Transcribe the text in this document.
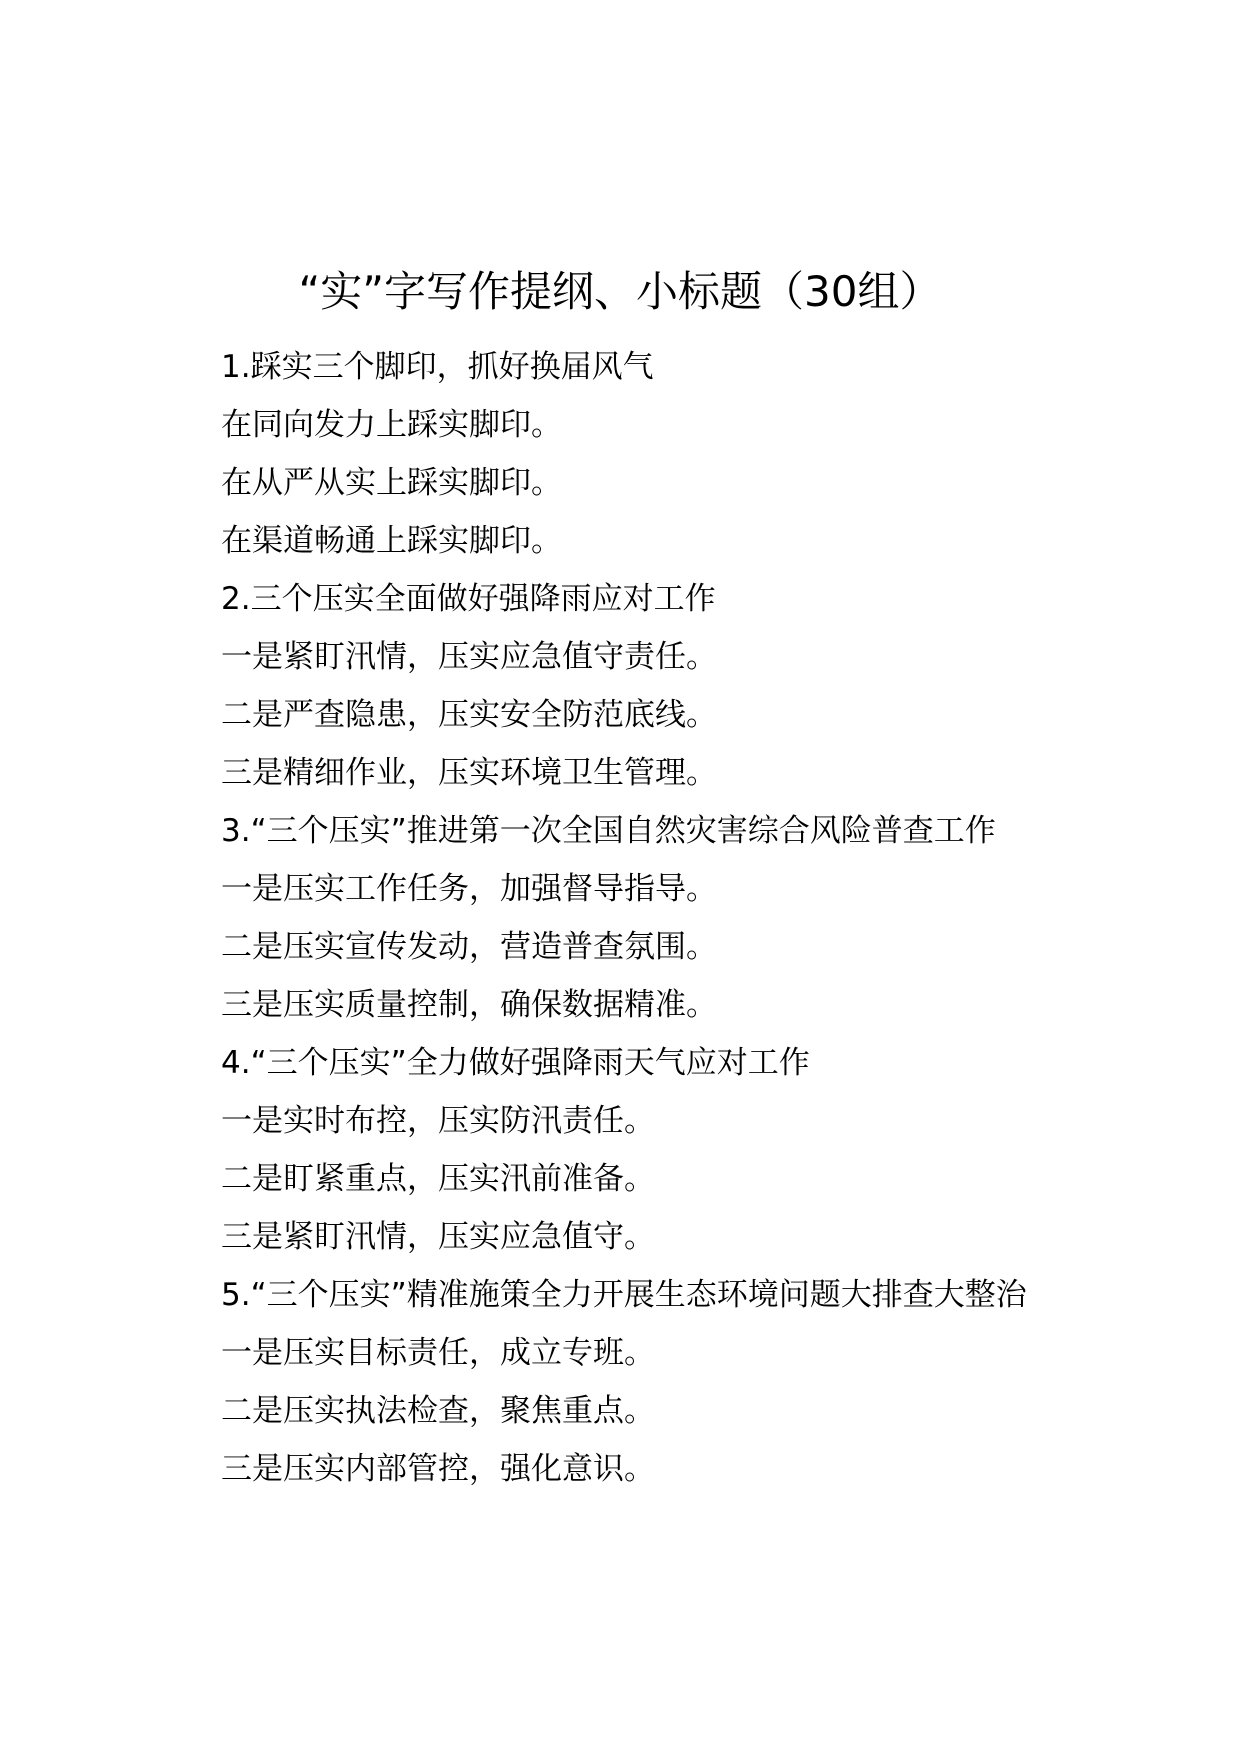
“实”字写作提纲、小标题（30组）
1.踩实三个脚印，抓好换届风气
在同向发力上踩实脚印。
在从严从实上踩实脚印。
在渠道畅通上踩实脚印。
2.三个压实全面做好强降雨应对工作
一是紧盯汛情，压实应急值守责任。
二是严查隐患，压实安全防范底线。
三是精细作业，压实环境卫生管理。
3.“三个压实”推进第一次全国自然灾害综合风险普查工作
一是压实工作任务，加强督导指导。
二是压实宣传发动，营造普查氛围。
三是压实质量控制，确保数据精准。
4.“三个压实”全力做好强降雨天气应对工作
一是实时布控，压实防汛责任。
二是盯紧重点，压实汛前准备。
三是紧盯汛情，压实应急值守。
5.“三个压实”精准施策全力开展生态环境问题大排查大整治
一是压实目标责任，成立专班。
二是压实执法检查，聚焦重点。
三是压实内部管控，强化意识。
